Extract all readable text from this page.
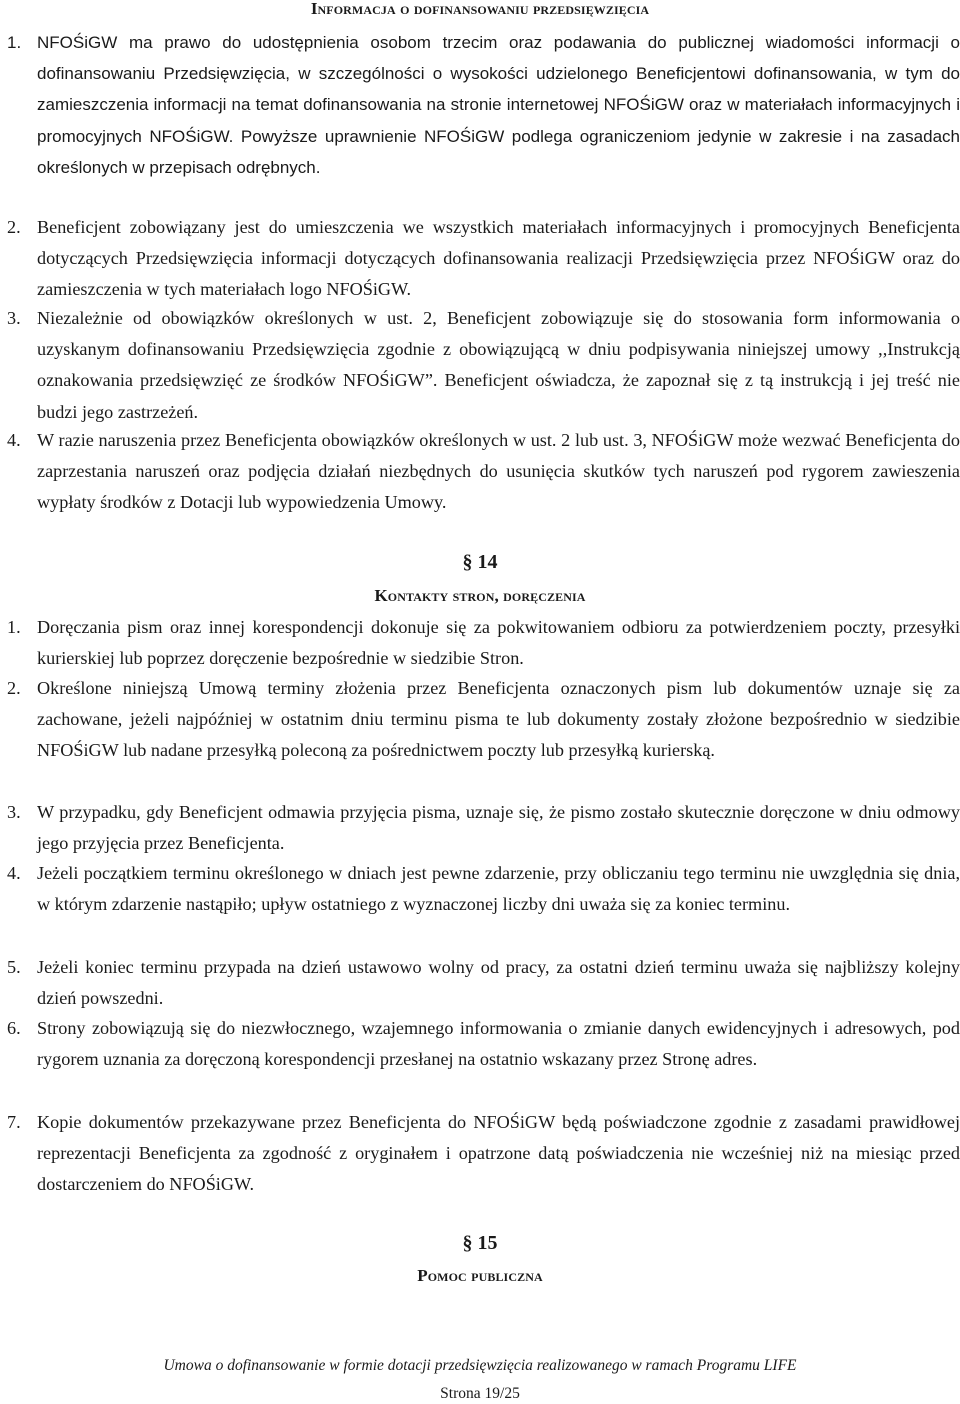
Informacja o dofinansowaniu przedsięwzięcia
1. NFOŚiGW ma prawo do udostępnienia osobom trzecim oraz podawania do publicznej wiadomości informacji o dofinansowaniu Przedsięwzięcia, w szczególności o wysokości udzielonego Beneficjentowi dofinansowania, w tym do zamieszczenia informacji na temat dofinansowania na stronie internetowej NFOŚiGW oraz w materiałach informacyjnych i promocyjnych NFOŚiGW. Powyższe uprawnienie NFOŚiGW podlega ograniczeniom jedynie w zakresie i na zasadach określonych w przepisach odrębnych.
2. Beneficjent zobowiązany jest do umieszczenia we wszystkich materiałach informacyjnych i promocyjnych Beneficjenta dotyczących Przedsięwzięcia informacji dotyczących dofinansowania realizacji Przedsięwzięcia przez NFOŚiGW oraz do zamieszczenia w tych materiałach logo NFOŚiGW.
3. Niezależnie od obowiązków określonych w ust. 2, Beneficjent zobowiązuje się do stosowania form informowania o uzyskanym dofinansowaniu Przedsięwzięcia zgodnie z obowiązującą w dniu podpisywania niniejszej umowy ,,Instrukcją oznakowania przedsięwzięć ze środków NFOŚiGW”. Beneficjent oświadcza, że zapoznał się z tą instrukcją i jej treść nie budzi jego zastrzeżeń.
4. W razie naruszenia przez Beneficjenta obowiązków określonych w ust. 2 lub ust. 3, NFOŚiGW może wezwać Beneficjenta do zaprzestania naruszeń oraz podjęcia działań niezbędnych do usunięcia skutków tych naruszeń pod rygorem zawieszenia wypłaty środków z Dotacji lub wypowiedzenia Umowy.
§ 14
Kontakty stron, doręczenia
1. Doręczania pism oraz innej korespondencji dokonuje się za pokwitowaniem odbioru za potwierdzeniem poczty, przesyłki kurierskiej lub poprzez doręczenie bezpośrednie w siedzibie Stron.
2. Określone niniejszą Umową terminy złożenia przez Beneficjenta oznaczonych pism lub dokumentów uznaje się za zachowane, jeżeli najpóźniej w ostatnim dniu terminu pisma te lub dokumenty zostały złożone bezpośrednio w siedzibie NFOŚiGW lub nadane przesyłką poleconą za pośrednictwem poczty lub przesyłką kurierską.
3. W przypadku, gdy Beneficjent odmawia przyjęcia pisma, uznaje się, że pismo zostało skutecznie doręczone w dniu odmowy jego przyjęcia przez Beneficjenta.
4. Jeżeli początkiem terminu określonego w dniach jest pewne zdarzenie, przy obliczaniu tego terminu nie uwzględnia się dnia, w którym zdarzenie nastąpiło; upływ ostatniego z wyznaczonej liczby dni uważa się za koniec terminu.
5. Jeżeli koniec terminu przypada na dzień ustawowo wolny od pracy, za ostatni dzień terminu uważa się najbliższy kolejny dzień powszedni.
6. Strony zobowiązują się do niezwłocznego, wzajemnego informowania o zmianie danych ewidencyjnych i adresowych, pod rygorem uznania za doręczoną korespondencji przesłanej na ostatnio wskazany przez Stronę adres.
7. Kopie dokumentów przekazywane przez Beneficjenta do NFOŚiGW będą poświadczone zgodnie z zasadami prawidłowej reprezentacji Beneficjenta za zgodność z oryginałem i opatrzone datą poświadczenia nie wcześniej niż na miesiąc przed dostarczeniem do NFOŚiGW.
§ 15
Pomoc publiczna
Umowa o dofinansowanie w formie dotacji przedsięwzięcia realizowanego w ramach Programu LIFE
Strona 19/25
